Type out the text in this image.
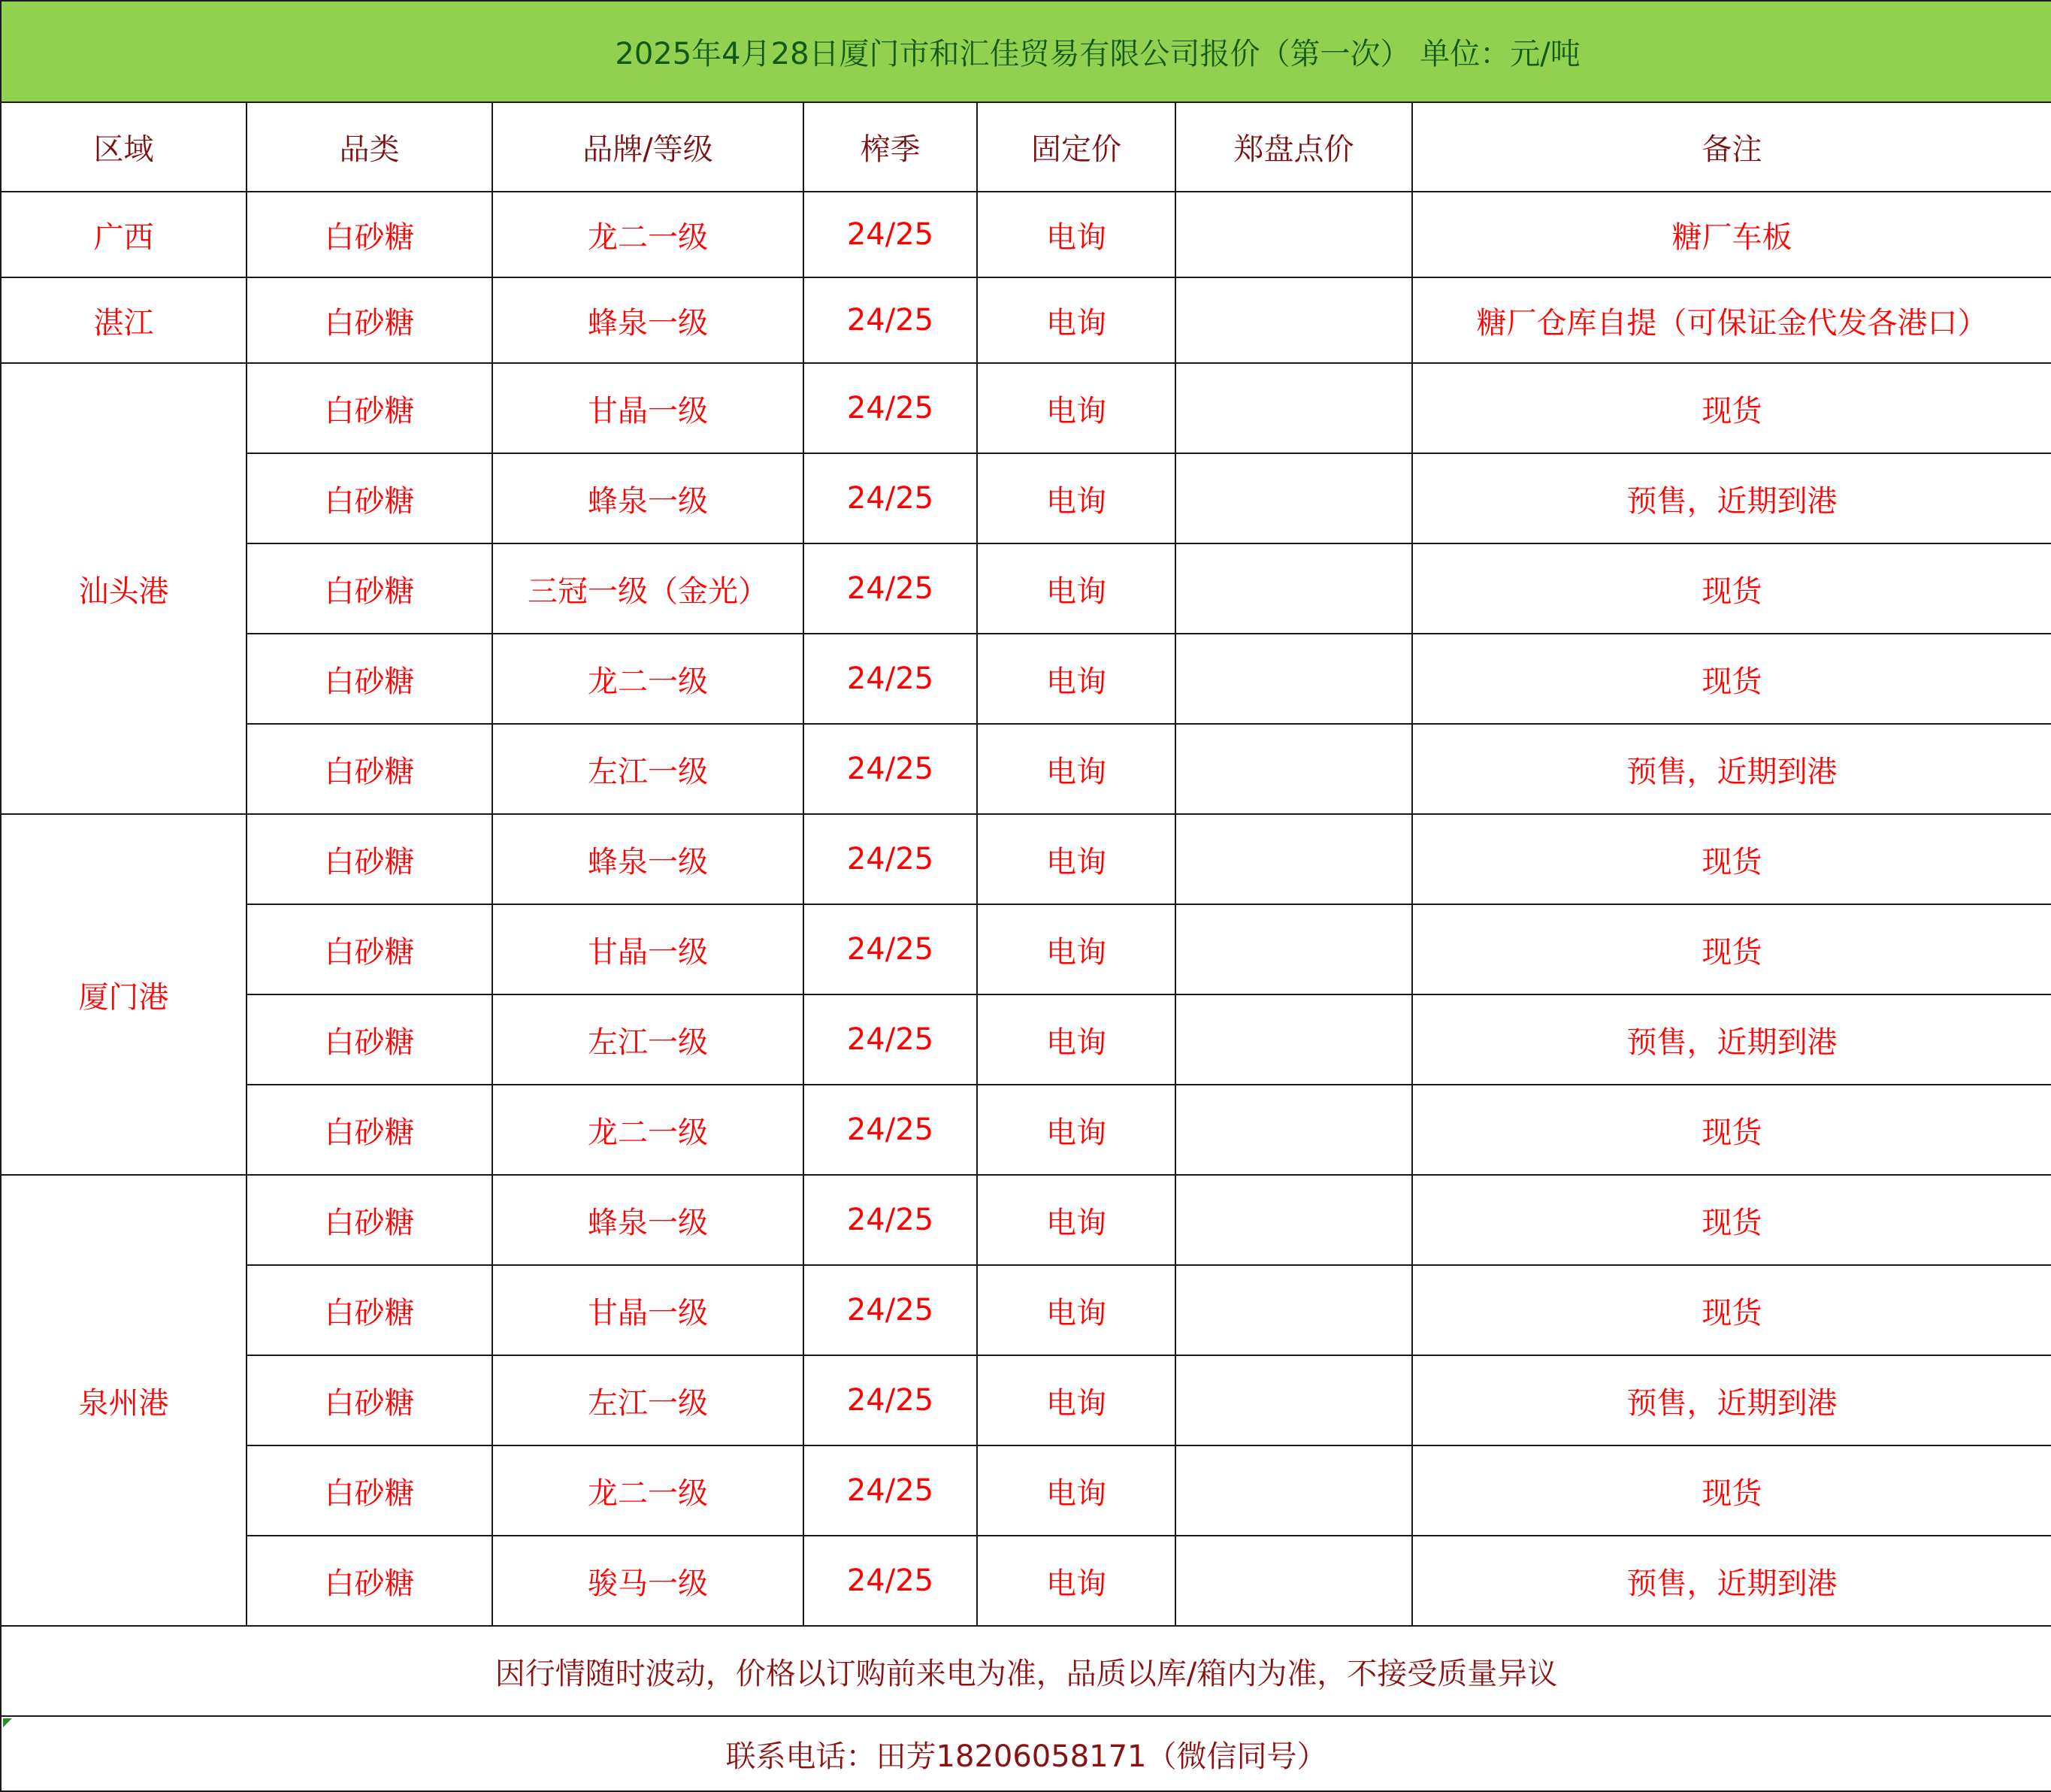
2025年4月28日厦门市和汇佳贸易有限公司报价（第一次） 单位：元/吨						
区域	品类	品牌/等级	榨季	固定价	郑盘点价	备注
广西	白砂糖	龙二一级	24/25	电询		糖厂车板
湛江	白砂糖	蜂泉一级	24/25	电询		糖厂仓库自提（可保证金代发各港口）
汕头港	白砂糖	甘晶一级	24/25	电询		现货
	白砂糖	蜂泉一级	24/25	电询		预售，近期到港
	白砂糖	三冠一级（金光）	24/25	电询		现货
	白砂糖	龙二一级	24/25	电询		现货
	白砂糖	左江一级	24/25	电询		预售，近期到港
厦门港	白砂糖	蜂泉一级	24/25	电询		现货
	白砂糖	甘晶一级	24/25	电询		现货
	白砂糖	左江一级	24/25	电询		预售，近期到港
	白砂糖	龙二一级	24/25	电询		现货
泉州港	白砂糖	蜂泉一级	24/25	电询		现货
	白砂糖	甘晶一级	24/25	电询		现货
	白砂糖	左江一级	24/25	电询		预售，近期到港
	白砂糖	龙二一级	24/25	电询		现货
	白砂糖	骏马一级	24/25	电询		预售，近期到港
因行情随时波动，价格以订购前来电为准，品质以库/箱内为准，不接受质量异议						

联系电话：田芳18206058171（微信同号）						
